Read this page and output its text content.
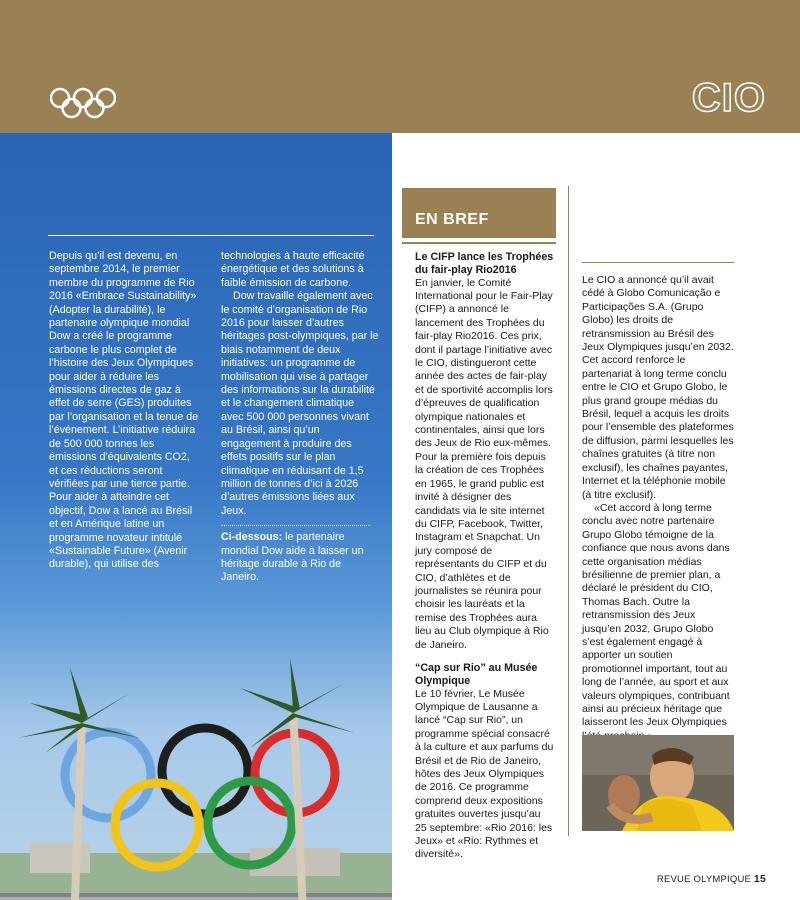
CIO

Depuis qu’il est devenu, en septembre 2014, le premier membre du programme de Rio 2016 «Embrace Sustainability» (Adopter la durabilité), le partenaire olympique mondial Dow a créé le programme carbone le plus complet de l’histoire des Jeux Olympiques pour aider à réduire les émissions directes de gaz à effet de serre (GES) produites par l’organisation et la tenue de l’événement. L’initiative réduira de 500 000 tonnes les émissions d’équivalents CO2, et ces réductions seront vérifiées par une tierce partie. Pour aider à atteindre cet objectif, Dow a lancé au Brésil et en Amérique latine un programme novateur intitulé «Sustainable Future» (Avenir durable), qui utilise des

technologies à haute efficacité énergétique et des solutions à faible émission de carbone.

Dow travaille également avec le comité d’organisation de Rio 2016 pour laisser d’autres héritages post-olympiques, par le biais notamment de deux initiatives: un programme de mobilisation qui vise à partager des informations sur la durabilité et le changement climatique avec 500 000 personnes vivant au Brésil, ainsi qu’un engagement à produire des effets positifs sur le plan climatique en réduisant de 1,5 million de tonnes d’ici à 2026 d’autres émissions liées aux Jeux.

Ci-dessous: le partenaire mondial Dow aide à laisser un héritage durable à Rio de Janeiro.

EN BREF
Le CIFP lance les Trophées du fair-play Rio2016

En janvier, le Comité International pour le Fair-Play (CIFP) a annoncé le lancement des Trophées du fair-play Rio2016. Ces prix, dont il partage l’initiative avec le CIO, distingueront cette année des actes de fair-play et de sportivité accomplis lors d’épreuves de qualification olympique nationales et continentales, ainsi que lors des Jeux de Rio eux-mêmes. Pour la première fois depuis la création de ces Trophées en 1965, le grand public est invité à désigner des candidats via le site internet du CIFP, Facebook, Twitter, Instagram et Snapchat. Un jury composé de représentants du CIFP et du CIO, d’athlètes et de journalistes se réunira pour choisir les lauréats et la remise des Trophées aura lieu au Club olympique à Rio de Janeiro.

“Cap sur Rio” au Musée Olympique

Le 10 février, Le Musée Olympique de Lausanne a lancé “Cap sur Rio”, un programme spécial consacré à la culture et aux parfums du Brésil et de Rio de Janeiro, hôtes des Jeux Olympiques de 2016. Ce programme comprend deux expositions gratuites ouvertes jusqu’au 25 septembre: «Rio 2016: les Jeux» et «Rio: Rythmes et diversité».

Le CIO a annoncé qu’il avait cédé à Globo Comunicação e Participações S.A. (Grupo Globo) les droits de retransmission au Brésil des Jeux Olympiques jusqu’en 2032. Cet accord renforce le partenariat à long terme conclu entre le CIO et Grupo Globo, le plus grand groupe médias du Brésil, lequel a acquis les droits pour l’ensemble des plateformes de diffusion, parmi lesquelles les chaînes gratuites (à titre non exclusif), les chaînes payantes, Internet et la téléphonie mobile (à titre exclusif).

«Cet accord à long terme conclu avec notre partenaire Grupo Globo témoigne de la confiance que nous avons dans cette organisation médias brésilienne de premier plan, a déclaré le président du CIO, Thomas Bach. Outre la retransmission des Jeux jusqu’en 2032, Grupo Globo s’est également engagé à apporter un soutien promotionnel important, tout au long de l’année, au sport et aux valeurs olympiques, contribuant ainsi au précieux héritage que laisseront les Jeux Olympiques

REVUE OLYMPIQUE 15
